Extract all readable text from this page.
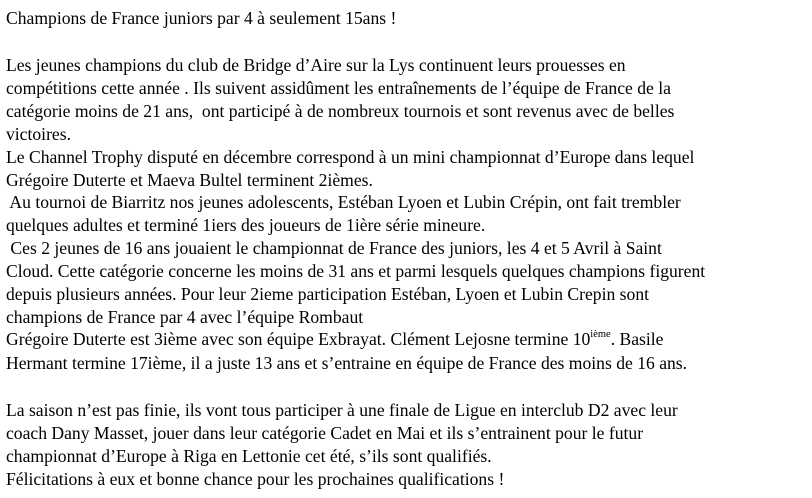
Champions de France juniors par 4 à seulement 15ans !
Les jeunes champions du club de Bridge d’Aire sur la Lys continuent leurs prouesses en
compétitions cette année . Ils suivent assidûment les entraînements de l’équipe de France de la
catégorie moins de 21 ans,  ont participé à de nombreux tournois et sont revenus avec de belles
victoires.
Le Channel Trophy disputé en décembre correspond à un mini championnat d’Europe dans lequel
Grégoire Duterte et Maeva Bultel terminent 2ièmes.
Au tournoi de Biarritz nos jeunes adolescents, Estéban Lyoen et Lubin Crépin, ont fait trembler
quelques adultes et terminé 1iers des joueurs de 1ière série mineure.
Ces 2 jeunes de 16 ans jouaient le championnat de France des juniors, les 4 et 5 Avril à Saint
Cloud. Cette catégorie concerne les moins de 31 ans et parmi lesquels quelques champions figurent
depuis plusieurs années. Pour leur 2ieme participation Estéban, Lyoen et Lubin Crepin sont
champions de France par 4 avec l’équipe Rombaut
Grégoire Duterte est 3ième avec son équipe Exbrayat. Clément Lejosne termine 10ième. Basile
Hermant termine 17ième, il a juste 13 ans et s’entraine en équipe de France des moins de 16 ans.
La saison n’est pas finie, ils vont tous participer à une finale de Ligue en interclub D2 avec leur
coach Dany Masset, jouer dans leur catégorie Cadet en Mai et ils s’entrainent pour le futur
championnat d’Europe à Riga en Lettonie cet été, s’ils sont qualifiés.
Félicitations à eux et bonne chance pour les prochaines qualifications !
